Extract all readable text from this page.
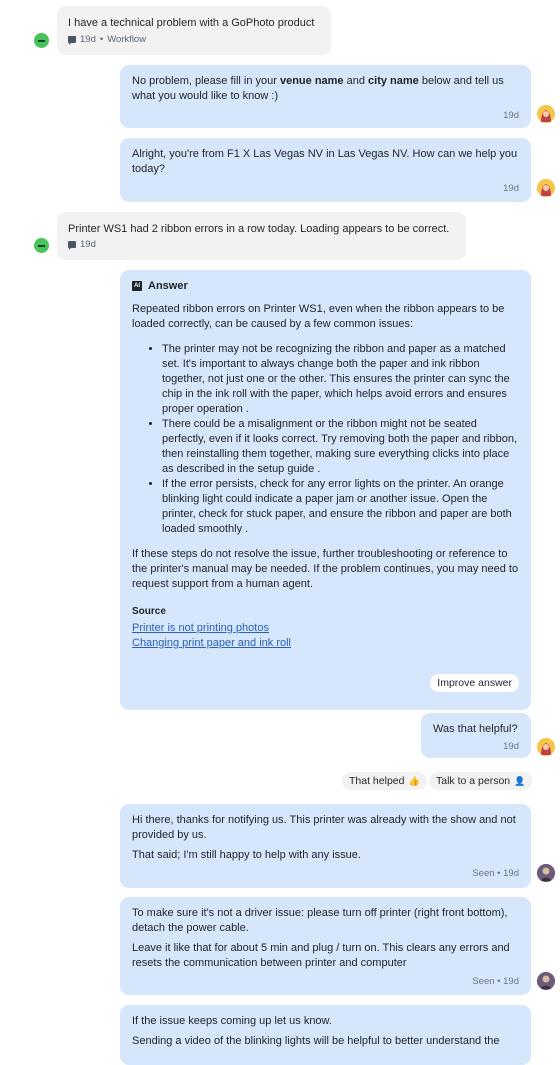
I have a technical problem with a GoPhoto product
19d • Workflow
No problem, please fill in your venue name and city name below and tell us what you would like to know :)
19d
Alright, you're from F1 X Las Vegas NV in Las Vegas NV. How can we help you today?
19d
Printer WS1 had 2 ribbon errors in a row today. Loading appears to be correct.
19d
AI Answer
Repeated ribbon errors on Printer WS1, even when the ribbon appears to be loaded correctly, can be caused by a few common issues:
• The printer may not be recognizing the ribbon and paper as a matched set. It's important to always change both the paper and ink ribbon together, not just one or the other. This ensures the printer can sync the chip in the ink roll with the paper, which helps avoid errors and ensures proper operation .
• There could be a misalignment or the ribbon might not be seated perfectly, even if it looks correct. Try removing both the paper and ribbon, then reinstalling them together, making sure everything clicks into place as described in the setup guide .
• If the error persists, check for any error lights on the printer. An orange blinking light could indicate a paper jam or another issue. Open the printer, check for stuck paper, and ensure the ribbon and paper are both loaded smoothly .
If these steps do not resolve the issue, further troubleshooting or reference to the printer's manual may be needed. If the problem continues, you may need to request support from a human agent.
Source
Printer is not printing photos
Changing print paper and ink roll
Improve answer
Was that helpful?
19d
That helped 👍 Talk to a person 👤
Hi there, thanks for notifying us. This printer was already with the show and not provided by us.
That said; I'm still happy to help with any issue.
Seen • 19d
To make sure it's not a driver issue: please turn off printer (right front bottom), detach the power cable.
Leave it like that for about 5 min and plug / turn on. This clears any errors and resets the communication between printer and computer
Seen • 19d
If the issue keeps coming up let us know.
Sending a video of the blinking lights will be helpful to better understand the
